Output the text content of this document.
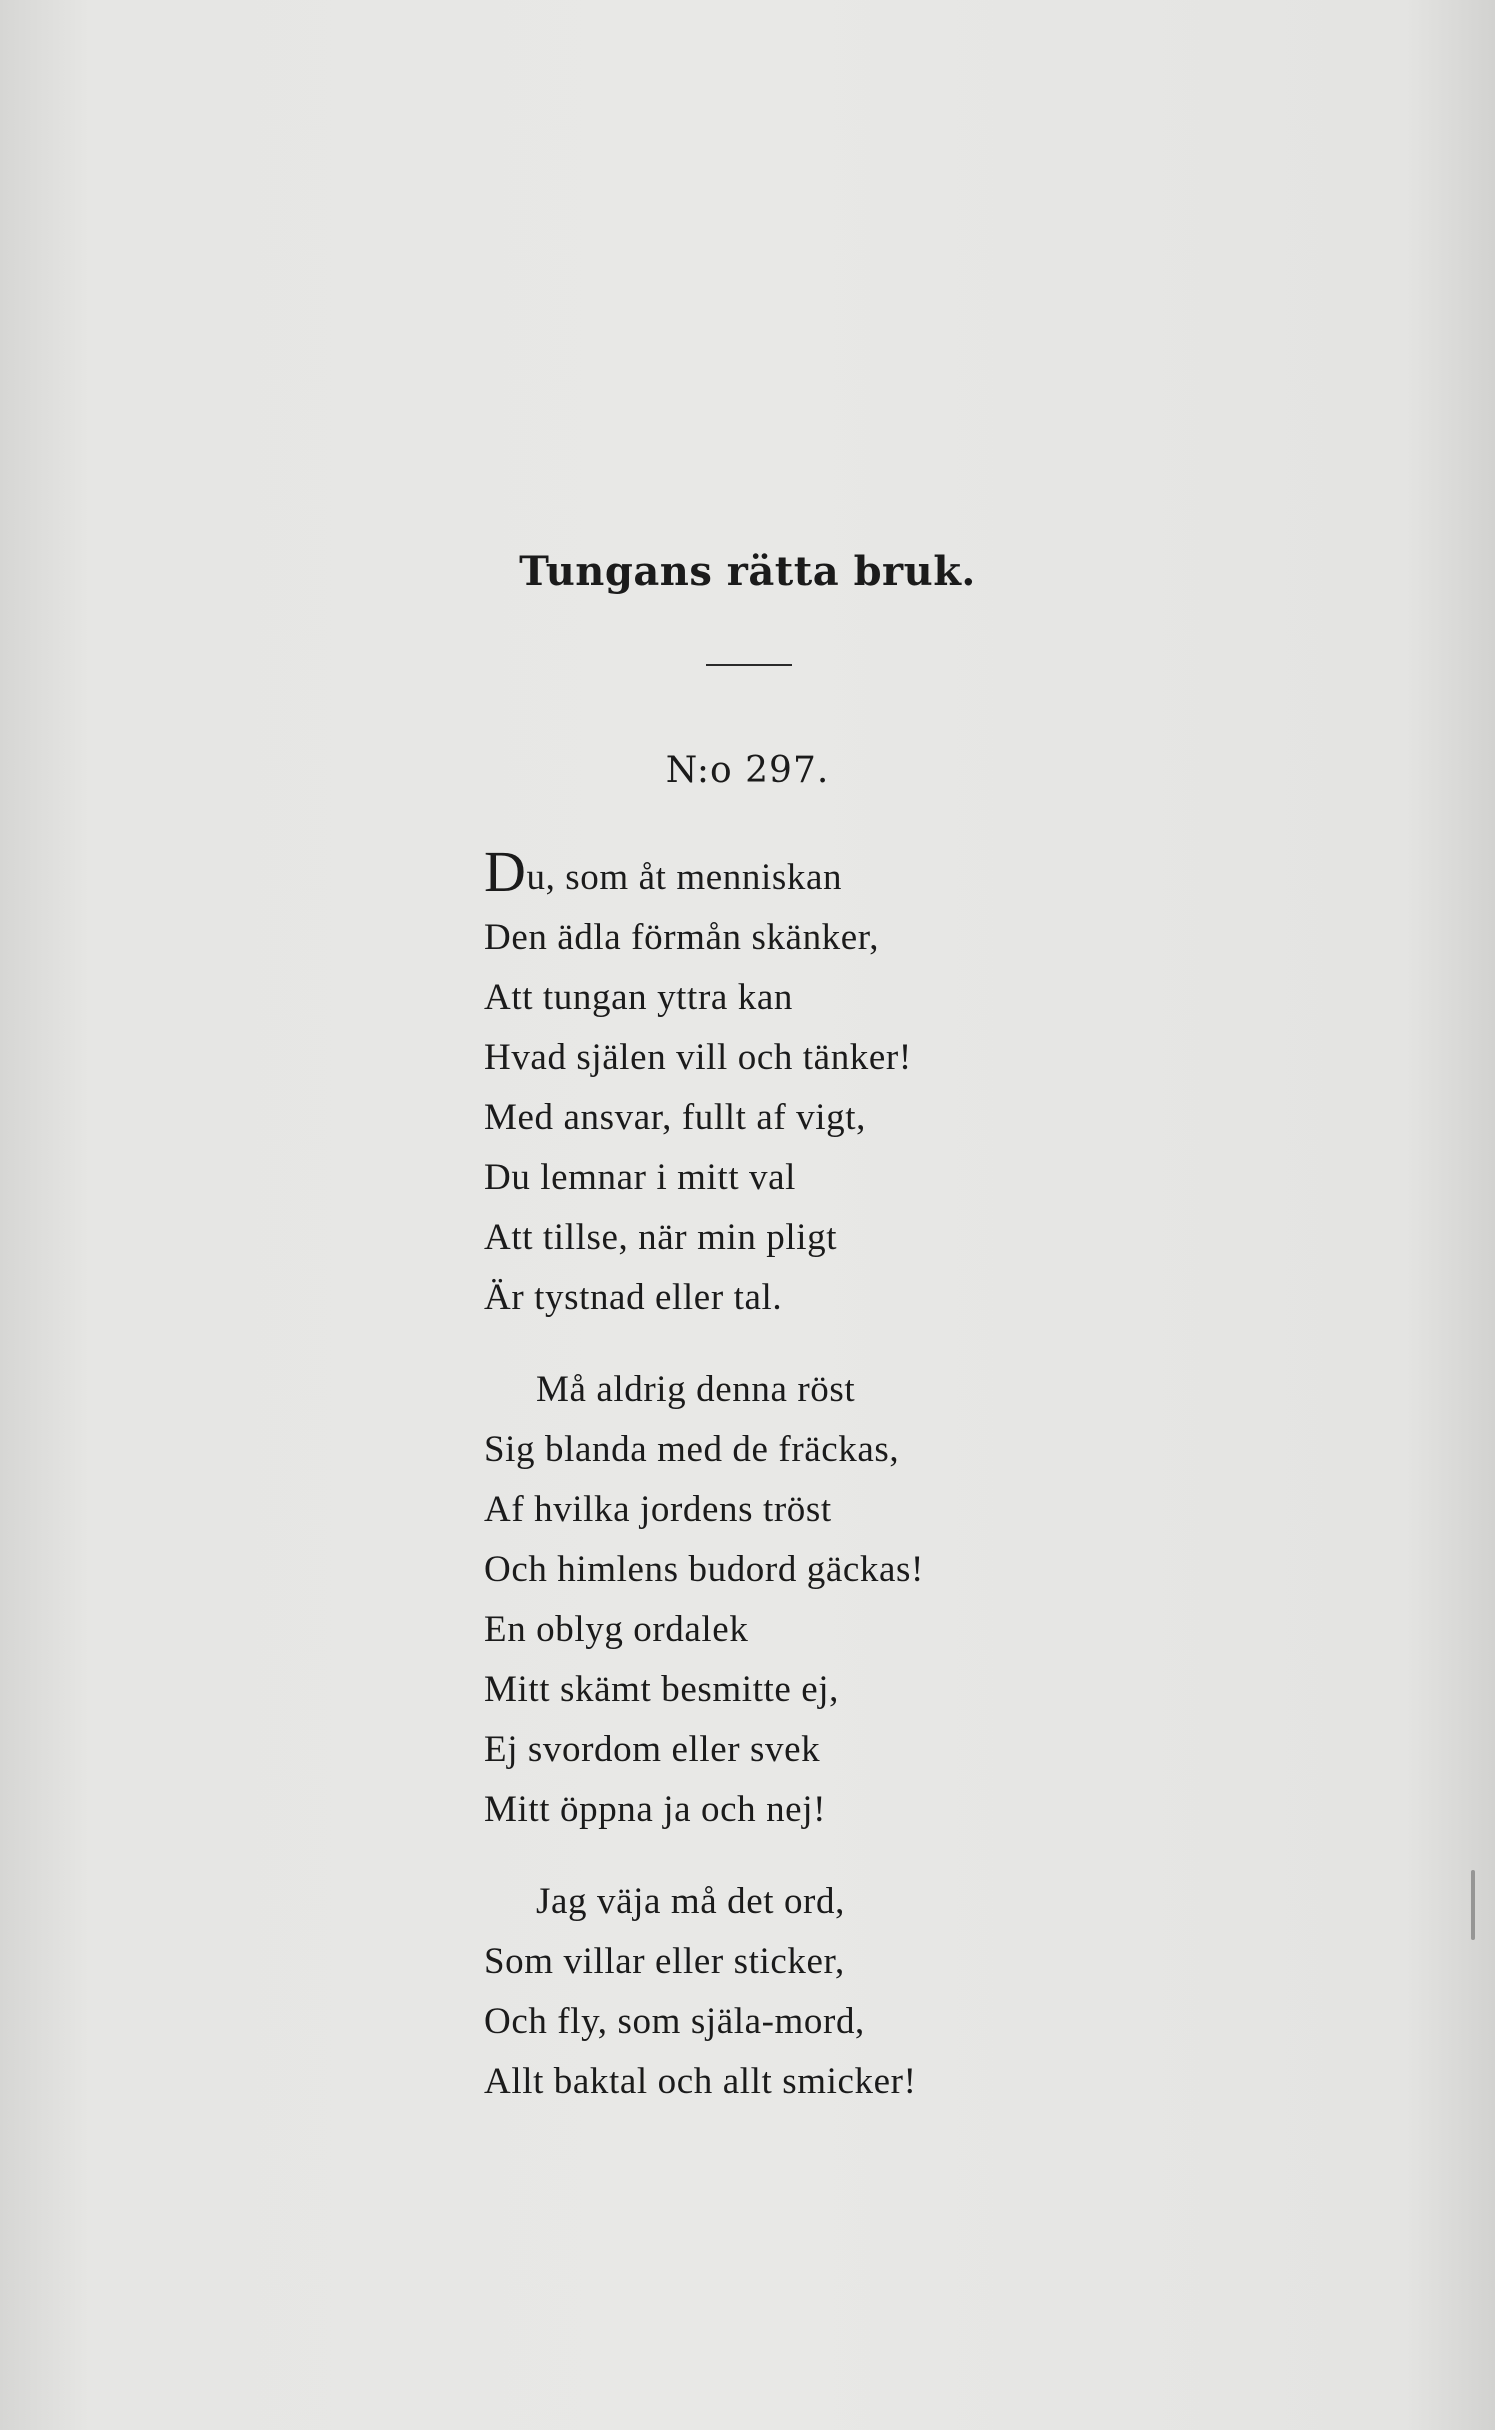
Tungans rätta bruk.
N:o 297.
Du, som åt menniskan
Den ädla förmån skänker,
Att tungan yttra kan
Hvad själen vill och tänker!
Med ansvar, fullt af vigt,
Du lemnar i mitt val
Att tillse, när min pligt
Är tystnad eller tal.
Må aldrig denna röst
Sig blanda med de fräckas,
Af hvilka jordens tröst
Och himlens budord gäckas!
En oblyg ordalek
Mitt skämt besmitte ej,
Ej svordom eller svek
Mitt öppna ja och nej!
Jag väja må det ord,
Som villar eller sticker,
Och fly, som själa-mord,
Allt baktal och allt smicker!
